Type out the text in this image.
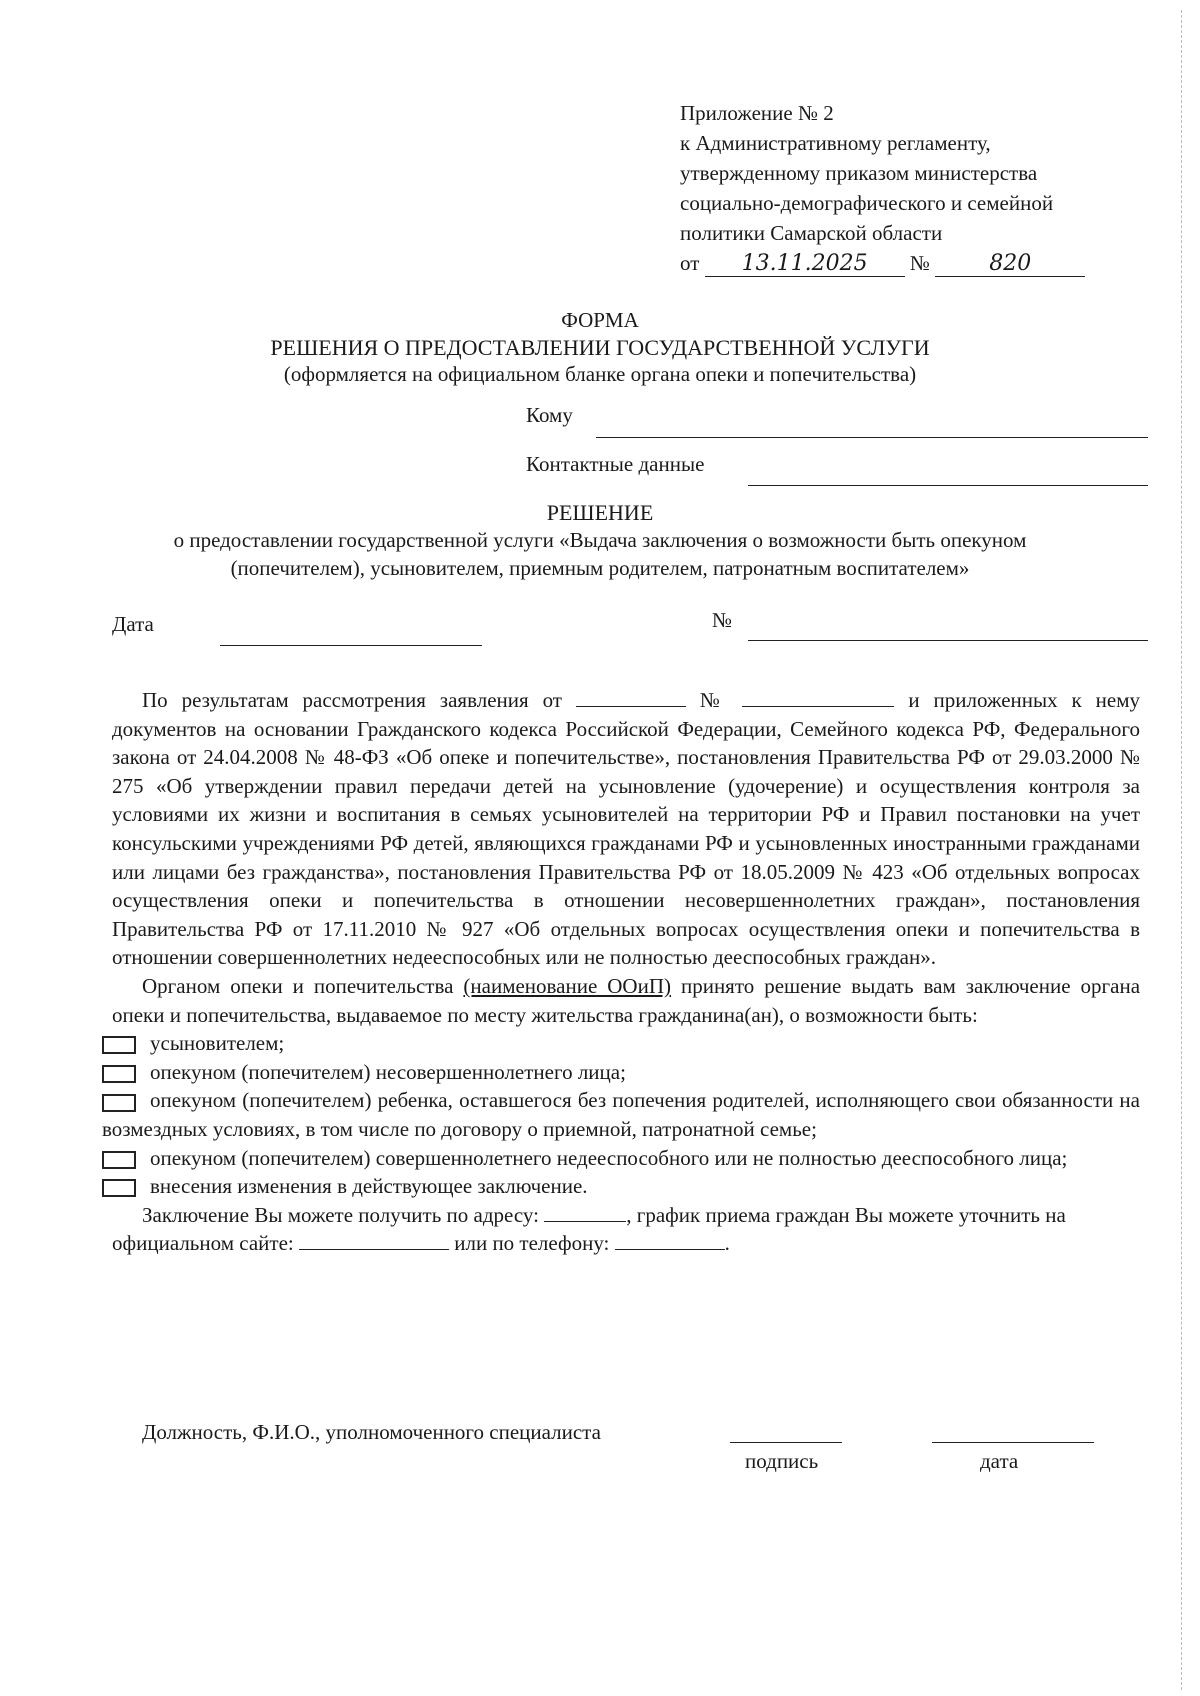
Приложение № 2
к Административному регламенту,
утвержденному приказом министерства
социально-демографического и семейной
политики Самарской области
от 13.11.2025 №	820
ФОРМА
РЕШЕНИЯ О ПРЕДОСТАВЛЕНИИ ГОСУДАРСТВЕННОЙ УСЛУГИ
(оформляется на официальном бланке органа опеки и попечительства)
Кому
Контактные данные
РЕШЕНИЕ
о предоставлении государственной услуги «Выдача заключения о возможности быть опекуном
(попечителем), усыновителем, приемным родителем, патронатным воспитателем»
Дата	№
По результатам рассмотрения заявления от	№	и приложенных к нему документов на основании Гражданского кодекса Российской Федерации, Семейного кодекса РФ, Федерального закона от 24.04.2008 № 48-ФЗ «Об опеке и попечительстве», постановления Правительства РФ от 29.03.2000 № 275 «Об утверждении правил передачи детей на усыновление (удочерение) и осуществления контроля за условиями их жизни и воспитания в семьях усыновителей на территории РФ и Правил постановки на учет консульскими учреждениями РФ детей, являющихся гражданами РФ и усыновленных иностранными гражданами или лицами без гражданства», постановления Правительства РФ от 18.05.2009 № 423 «Об отдельных вопросах осуществления опеки и попечительства в отношении несовершеннолетних граждан», постановления Правительства РФ от 17.11.2010 № 927 «Об отдельных вопросах осуществления опеки и попечительства в отношении совершеннолетних недееспособных или не полностью дееспособных граждан».
Органом опеки и попечительства (наименование ООиП) принято решение выдать вам заключение органа опеки и попечительства, выдаваемое по месту жительства гражданина(ан), о возможности быть:
усыновителем;
опекуном (попечителем) несовершеннолетнего лица;
опекуном (попечителем) ребенка, оставшегося без попечения родителей, исполняющего свои обязанности на возмездных условиях, в том числе по договору о приемной, патронатной семье;
опекуном (попечителем) совершеннолетнего недееспособного или не полностью дееспособного лица;
внесения изменения в действующее заключение.
Заключение Вы можете получить по адресу:	, график приема граждан Вы можете уточнить на официальном сайте:	или по телефону:	.
Должность, Ф.И.О., уполномоченного специалиста
подпись	дата
